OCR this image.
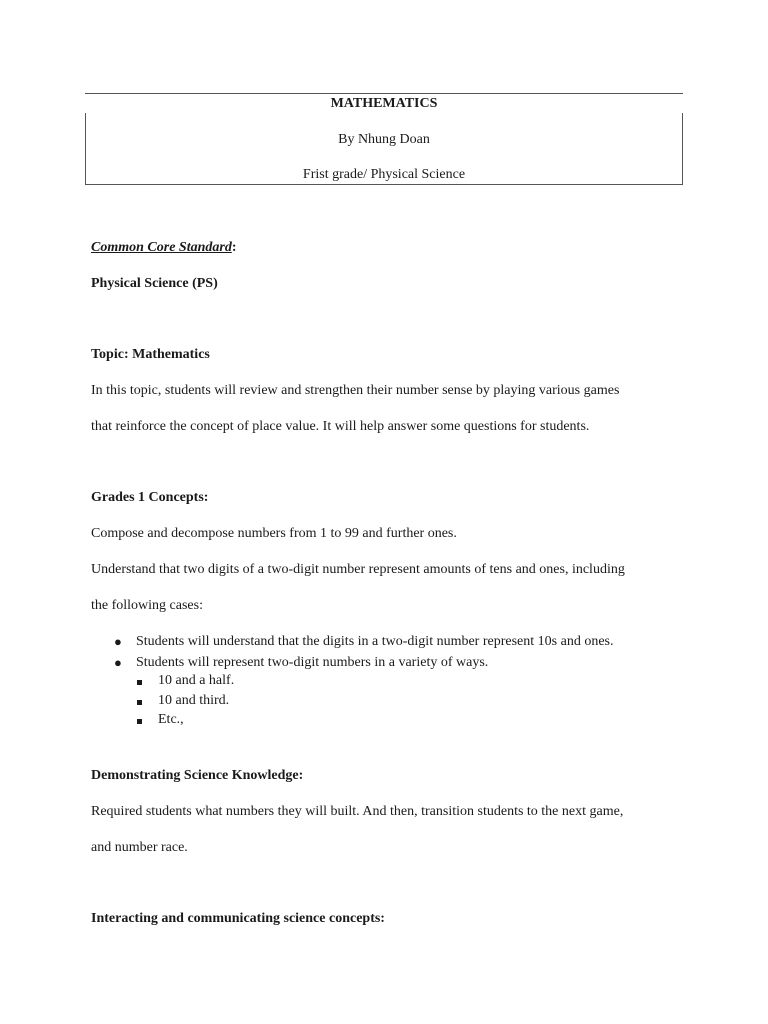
MATHEMATICS
By Nhung Doan
Frist grade/ Physical Science
Common Core Standard:
Physical Science (PS)
Topic: Mathematics
In this topic, students will review and strengthen their number sense by playing various games
that reinforce the concept of place value. It will help answer some questions for students.
Grades 1 Concepts:
Compose and decompose numbers from 1 to 99 and further ones.
Understand that two digits of a two-digit number represent amounts of tens and ones, including
the following cases:
● Students will understand that the digits in a two-digit number represent 10s and ones.
● Students will represent two-digit numbers in a variety of ways.
10 and a half.
10 and third.
Etc.,
Demonstrating Science Knowledge:
Required students what numbers they will built. And then, transition students to the next game,
and number race.
Interacting and communicating science concepts:
